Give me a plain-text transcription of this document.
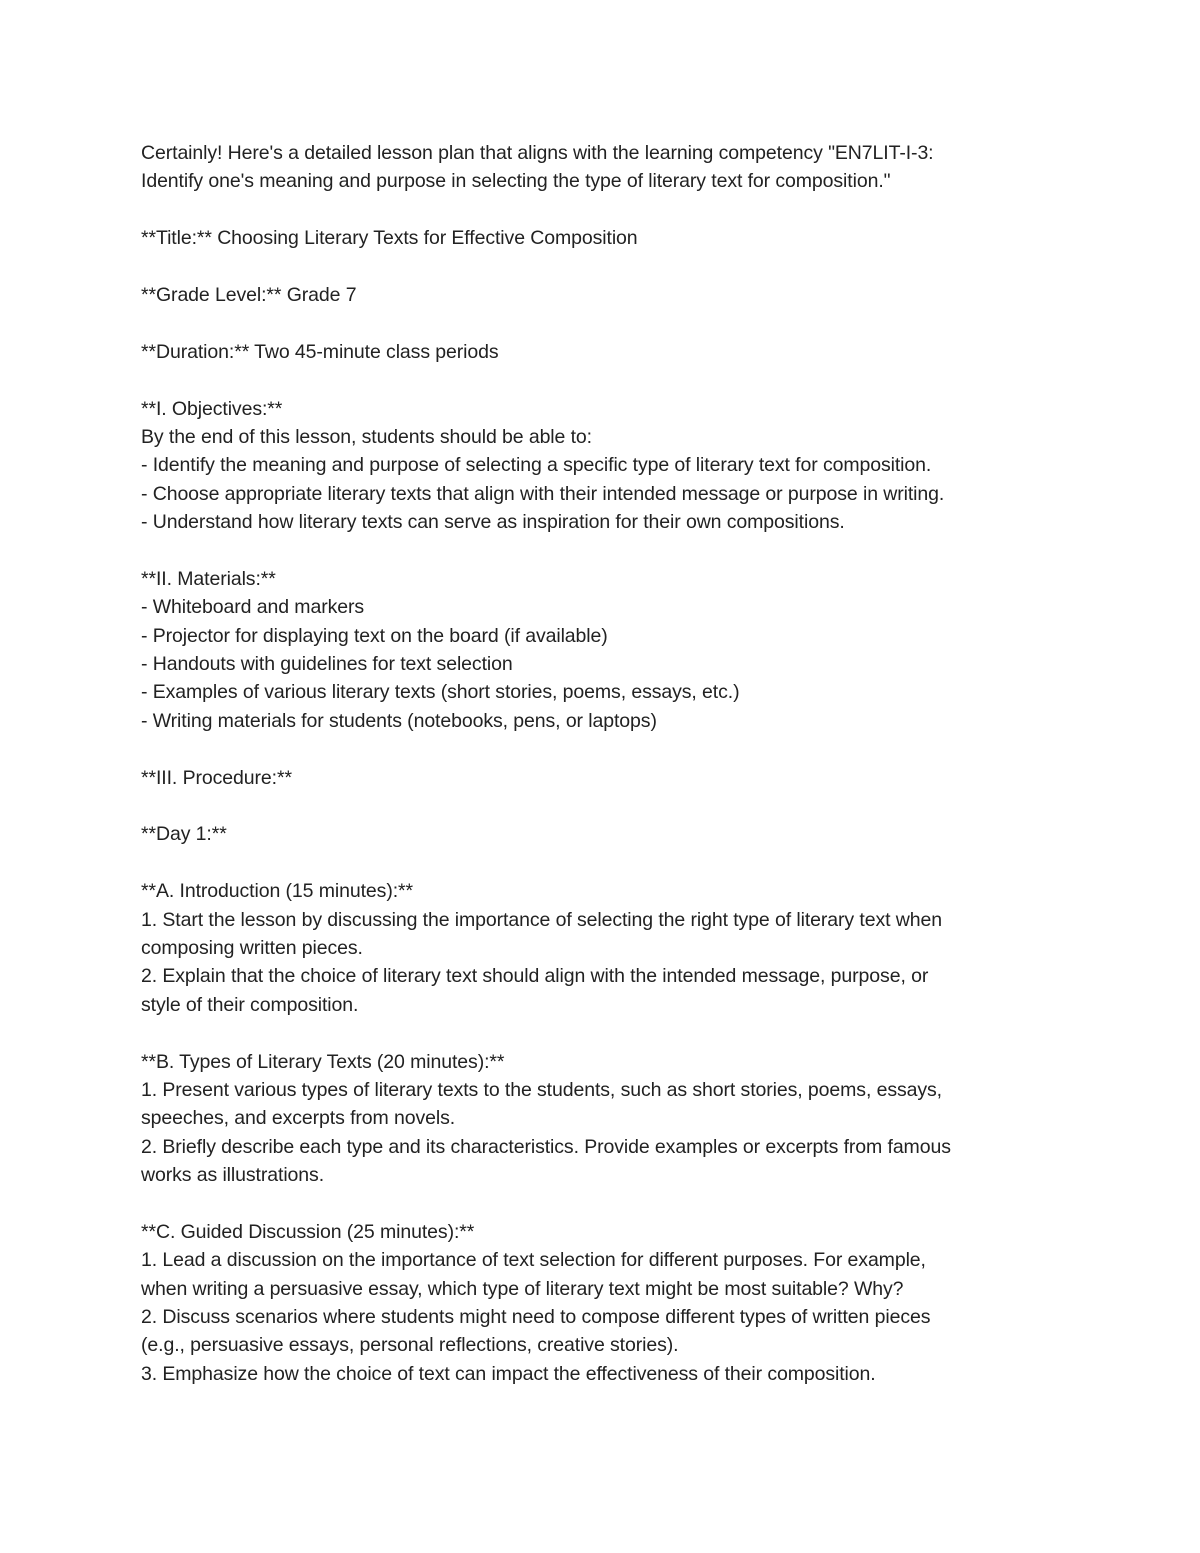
Certainly! Here's a detailed lesson plan that aligns with the learning competency "EN7LIT-I-3:
Identify one's meaning and purpose in selecting the type of literary text for composition."
**Title:** Choosing Literary Texts for Effective Composition
**Grade Level:** Grade 7
**Duration:** Two 45-minute class periods
**I. Objectives:**
By the end of this lesson, students should be able to:
- Identify the meaning and purpose of selecting a specific type of literary text for composition.
- Choose appropriate literary texts that align with their intended message or purpose in writing.
- Understand how literary texts can serve as inspiration for their own compositions.
**II. Materials:**
- Whiteboard and markers
- Projector for displaying text on the board (if available)
- Handouts with guidelines for text selection
- Examples of various literary texts (short stories, poems, essays, etc.)
- Writing materials for students (notebooks, pens, or laptops)
**III. Procedure:**
**Day 1:**
**A. Introduction (15 minutes):**
1. Start the lesson by discussing the importance of selecting the right type of literary text when
composing written pieces.
2. Explain that the choice of literary text should align with the intended message, purpose, or
style of their composition.
**B. Types of Literary Texts (20 minutes):**
1. Present various types of literary texts to the students, such as short stories, poems, essays,
speeches, and excerpts from novels.
2. Briefly describe each type and its characteristics. Provide examples or excerpts from famous
works as illustrations.
**C. Guided Discussion (25 minutes):**
1. Lead a discussion on the importance of text selection for different purposes. For example,
when writing a persuasive essay, which type of literary text might be most suitable? Why?
2. Discuss scenarios where students might need to compose different types of written pieces
(e.g., persuasive essays, personal reflections, creative stories).
3. Emphasize how the choice of text can impact the effectiveness of their composition.
